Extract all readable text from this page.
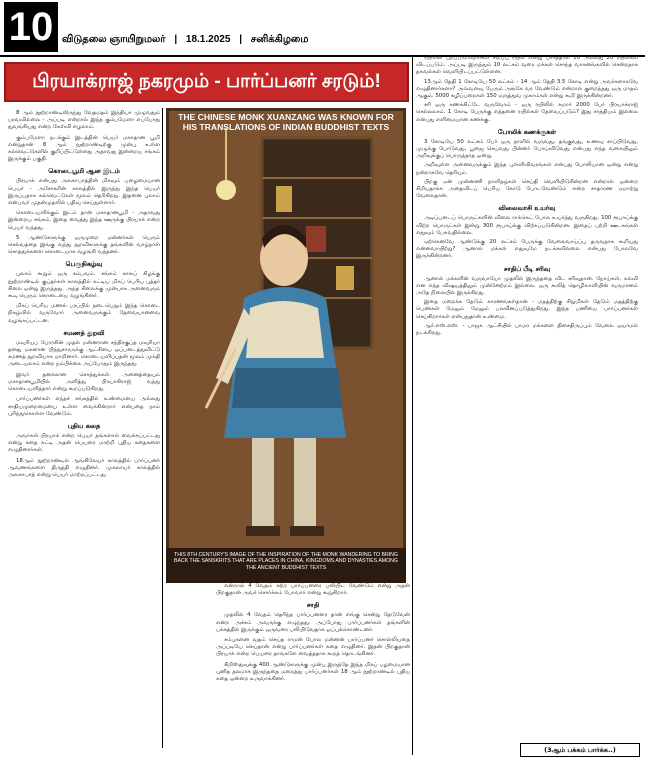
10 விடுதலை ஞாயிறுமலர் | 18.1.2025 | சனிக்கிழமை
பிரயாக்ராஜ் நகரமும் - பார்ப்பனர் சரடும்!

8 ஆம் நூற்றாண்டிலிருந்து வேதமதம் இந்தியா முழுவதும் பரவவில்லை - அப்படி என்றால் இந்த கும்பமேளா எப்போது துவங்கியது என்ற கேள்வி எழலாம்.

கும்பமேளா நடக்கும் இடத்தின் பெயர் மகாதான பூமி என்றுதான் 8 ஆம் நூற்றாண்டிற்கு முன்பு உள்ள கல்வெட்டுகளில் குறிப்பிட்டுள்ளது அதாவது இன்றைய சங்கம் இருக்கும் பகுதி.

கொடைபூமி ஆன இடம்

பிரயாக் என்பது அலகாபாத்தின் மிகவும் பழைமையான பெயர் - அசோகரின் காலத்தில் இருந்து இந்த பெயர் இருப்பதாக கல்வெட்டுகள் மூலம் தெரிகிறது. இதனை புலாம் என்பவர் முதன்முதலில் பதிவு செய்துள்ளார்.

கொடையளிக்கும் இடம் தான் மகாதானபூமி - அதாவது இன்றைய சங்கம். இதை வைத்து இந்த ஊருக்கு பிரயாக் என்ற பெயர் வந்தது.

5 ஆண்டுகளுக்கு ஒருமுறை மன்னர்கள் பெரும் செல்வத்தை இங்கு வந்து துறவிகளுக்கு தங்களின் வாழ்நாள் சொத்துக்களை கொடையாக வழங்கி வந்தனர்.

பெருநிகழ்வு

புலாம் கூறும் ஒரு சம்பவம். சங்கம் காலப் கிழக்கு நூற்றாண்டில் குப்தர்கள் காலத்தில் கட்டிய மிகப் பெரிய புத்தர் சிலை ஒன்று இருந்தது. அந்த சிலைக்கு முன்பாக அனைவரும் கூடி பெரும் கொடையை வழங்கினர்.

மிகப் பெரிய மணல் பரப்பில் நடைபெறும் இந்த கொடை நிகழ்வில் வருவோர் அனைவருக்கும் தேவையானவை வழங்கப்பட்டன.

சமணத் துறவி

மவுரியப் பேரரசின் முதல் மன்னரான சந்திரகுப்த மவுரியா தனது மகனான பிந்துசாரருக்கு ஆட்சியை ஒப்படைத்துவிட்டு சமணத் துறவியாக மாறினார். கொடையளிப்பதன் மூலம் முக்தி அடையலாம் என்ற நம்பிக்கை அப்போதும் இருந்தது.

இவர் தனக்கான சொத்துக்கள் அனைத்தையும் மகாதானபூமியில் அளித்து பிரயாகிராஜ் வந்து கொடையளித்தார் என்று கூறப்படுகிறது.

பார்ப்பனர்கள் எந்தச் சங்கத்தில் உண்மையை அல்லது சாதியமுறைமையை உள்ள வைக்கின்றார் என்பதை நாம் புரிந்துகொள்ள வேண்டும்.

புதிய கதை

அவர்கள் பிரயாக் என்ற பெயர் தங்களால் வைக்கப்பட்டது என்று கதை கட்டி அதன் பெயரை மாற்றி புதிய கதைகளை எழுதினார்கள்.

18ஆம் நூற்றாண்டில் ஆங்கிலேயர் காலத்தில் பார்ப்பனர் ஆவணங்களை திருத்தி எழுதினர். முகலாயர் காலத்தில் அலகாபாத் என்று பெயர் மாற்றப்பட்டது.

THE CHINESE MONK XUANZANG WAS KNOWN FOR HIS TRANSLATIONS OF INDIAN BUDDHIST TEXTS
THIS 8TH CENTURY'S IMAGE OF THE INSPIRATION OF THE MONK WANDERING TO BRING BACK THE SANSKRITS THAT ARE PLACES IN CHINA, KINGDOMS AND DYNASTIES AMONG THE ANCIENT BUDDHIST TEXTS

என்றால் 4 வேதம் கற்ற பார்ப்பனரை பலியிட வேண்டும் என்று அதன் பிறகுதான் அவர் சொர்க்கம் போவார் என்று கூறுகிறார்.

சாதி

முதலில் 4 வேதம் தெரிந்த பார்ப்பனரை தான் எங்கு சென்று தேடுவேன் என்ற அச்சம் அவருக்கு எழுந்தது. அப்போது பார்ப்பனர்கள் தங்களின் பக்கத்தில் இருக்கும் ஒருவரை பலியிடுவதாக ஒப்புக்கொண்டனர்.

சம்புகனை வதம் செய்த ராமன் போல மன்னன் பார்ப்பனர் சொல்லியதை அப்படியே செய்தான் என்று பார்ப்பனர்கள் கதை எழுதினர். இதன் பிறகுதான் பிரயாக் என்ற பெயரை தாங்களே வைத்ததாக கூறத் தொடங்கினர்.

கிறிஸ்துவுக்கு 400 ஆண்டுகளுக்கு முன்பு இருந்தே இந்த மிகப் பழமையான புனித தலமாக இருந்ததை மறைத்து பார்ப்பனர்கள் 18 ஆம் நூற்றாண்டில் புதிய கதை ஒன்றை உருவாக்கினர்.

ரயிலில் புறப்படுவோர்கள் சிறப்பு ரயில் என்று பார்த்தால் 10 அல்லது 20 ரயில்கள் விடப்படும். அப்படி இருந்தும் 10 லட்சம் வரை மக்கள் சொந்த வாகனங்களில் சென்றதாக தகவல்கள் வெளியிடப்பட்டுள்ளன.

13ஆம் தேதி 1 கோடியே 50 லட்சம் - 14 ஆம் தேதி 3.5 கோடி என்று அவர்களாகவே எழுதினார்களா? அவ்வளவு பேரும் அங்கே வர வேண்டும் என்றால் குறைந்தது ஒரு மாதம் ஆகும். 5000 கழிப்பறைகள் 150 மருத்துவ முகாம்கள் என்று கூறி இருக்கின்றனர்.

சரி ஒரு கணக்கிட்டே வருவோம் - ஒரு ரயிலில் சுமார் 2000 பேர் பிரயாக்ராஜ் செல்லலாம். 1 கோடி பேருக்கு எத்தனை ரயில்கள் தேவைப்படும்? இது சாத்தியம் இல்லை என்பது எளிமையான கணக்கு.

போலிக் கணக்குகள்

3 கோடியே 50 லட்சம் பேர் ஒரு நாளில் வருவது, தங்குவது, உணவு சாப்பிடுவது, முழுக்கு போடுவது, பூஜை செய்வது பின்னர் போய்விடுவது என்பது எந்த வகையிலும் அறிவுக்குப் பொருந்தாத ஒன்று.

அறிவுள்ள அனைவருக்கும் இந்த புள்ளிவிவரங்கள் என்பது போலியான ஒன்று என்று நன்றாகவே தெரியும்.

பிறகு ஏன் முன்னணி நாளிதழ்கள் செய்தி வெளியிடுகின்றன என்றால் ஒன்றை சிறியதாக்க அதைவிடப் பெரிய கோடு போடவேண்டும் என்ற சாதாரண ஏமாற்று வேலைதான்.

விலைவாசி உயர்வு

அடிப்படைப் பொருட்களின் விலை ராக்கெட் போல உயர்ந்து வருகிறது. 100 ரூபாய்க்கு விற்ற பொருட்கள் இன்று 300 ரூபாய்க்கு விற்கப்படுகின்றன. இதைப் பற்றி ஊடகங்கள் எதுவும் பேசுவதில்லை.

ஏற்கெனவே ஆண்டுக்கு 20 லட்சம் பேருக்கு வேலைவாய்ப்பு தருவதாக கூறியது என்னவாயிற்று? ஆனால் மக்கள் எதுவுமே நடக்கவில்லை என்பது போலவே இருக்கின்றனர்.

சாதிப் பீடி சரிவு

ஆனால் மக்களின் வருவாயோ முதலில் இருந்ததை விட சரிவுதான். நோய்கள், கல்வி என எந்த விஷயத்திலும் முன்னேற்றம் இல்லை. ஒரு கூலித் தொழிலாளியின் வருமானம் அதே நிலையில் இருக்கிறது.

இதை மறைக்க தேடும் காரணங்கள்தான் - மதத்திற்கு சிறுமிகள் தேடும் மதத்திற்கு பெண்கள் மேலும் மேலும் பலவீனப்படுத்துகிறது. இந்த பணியை பார்ப்பனர்கள் செய்கிறார்கள் என்பதுதான் உண்மை.

ஆர்.எஸ்.எஸ். - பாஜக ஆட்சியில் பாமர மக்களை திசைதிருப்பும் வேலை ஒயாமல் நடக்கிறது.

(3ஆம் பக்கம் பார்க்க..)
